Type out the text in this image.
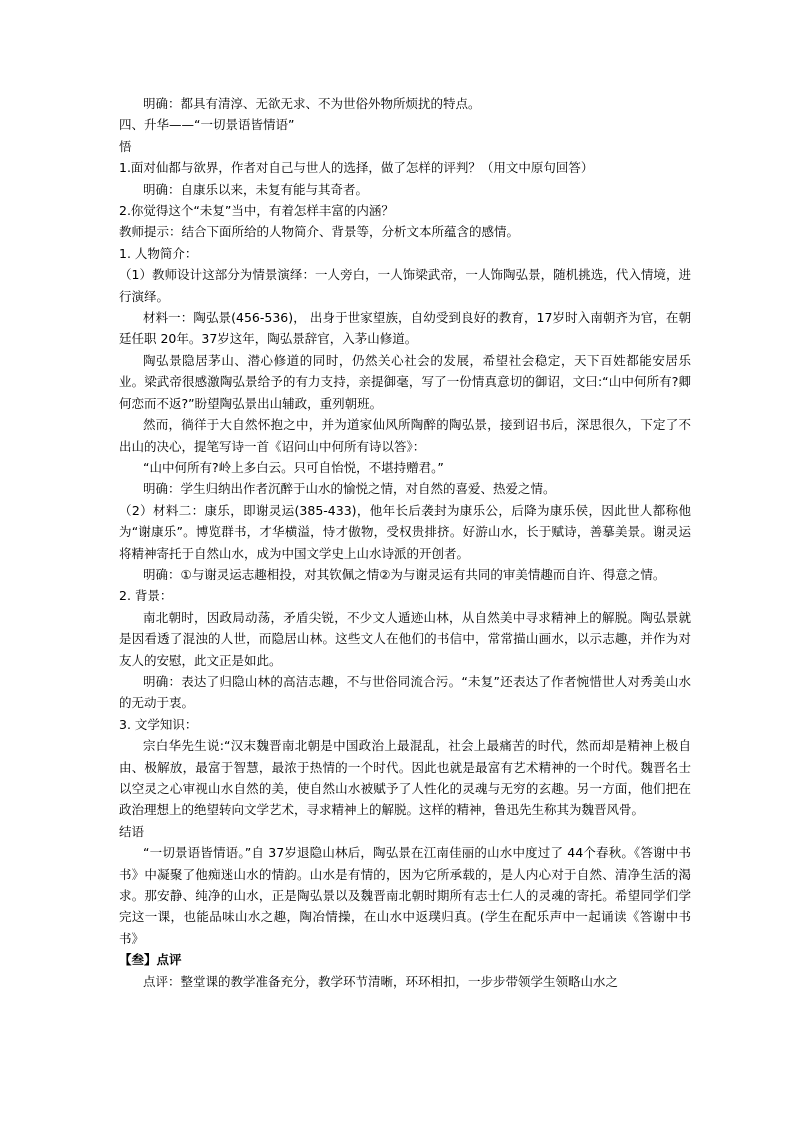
明确：都具有清淳、无欲无求、不为世俗外物所烦扰的特点。

四、升华——“一切景语皆情语”

悟

1.面对仙都与欲界，作者对自己与世人的选择，做了怎样的评判？（用文中原句回答）

明确：自康乐以来，未复有能与其奇者。

2.你觉得这个“未复”当中，有着怎样丰富的内涵？

教师提示：结合下面所给的人物简介、背景等，分析文本所蕴含的感情。

1. 人物简介：

（1）教师设计这部分为情景演绎：一人旁白，一人饰梁武帝，一人饰陶弘景，随机挑选，代入情境，进行演绎。

材料一：陶弘景(456-536)， 出身于世家望族，自幼受到良好的教育，17岁时入南朝齐为官，在朝廷任职 20年。37岁这年，陶弘景辞官，入茅山修道。

陶弘景隐居茅山、潜心修道的同时，仍然关心社会的发展，希望社会稳定，天下百姓都能安居乐业。梁武帝很感激陶弘景给予的有力支持，亲提御毫，写了一份情真意切的御诏，文曰:“山中何所有?卿何恋而不返?”盼望陶弘景出山辅政，重列朝班。

然而，徜徉于大自然怀抱之中，并为道家仙风所陶醉的陶弘景，接到诏书后，深思很久，下定了不出山的决心，提笔写诗一首《诏问山中何所有诗以答》：

“山中何所有?岭上多白云。只可自怡悦，不堪持赠君。”

明确：学生归纳出作者沉醉于山水的愉悦之情，对自然的喜爱、热爱之情。

（2）材料二：康乐，即谢灵运(385-433)，他年长后袭封为康乐公，后降为康乐侯，因此世人都称他为“谢康乐”。博览群书，才华横溢，恃才傲物，受权贵排挤。好游山水，长于赋诗，善摹美景。谢灵运将精神寄托于自然山水，成为中国文学史上山水诗派的开创者。

明确：①与谢灵运志趣相投，对其钦佩之情②为与谢灵运有共同的审美情趣而自许、得意之情。

2. 背景：

南北朝时，因政局动荡，矛盾尖锐，不少文人遁迹山林，从自然美中寻求精神上的解脱。陶弘景就是因看透了混浊的人世，而隐居山林。这些文人在他们的书信中，常常描山画水，以示志趣，并作为对友人的安慰，此文正是如此。

明确：表达了归隐山林的高洁志趣，不与世俗同流合污。“未复”还表达了作者惋惜世人对秀美山水的无动于衷。

3. 文学知识：

宗白华先生说:“汉末魏晋南北朝是中国政治上最混乱，社会上最痛苦的时代，然而却是精神上极自由、极解放，最富于智慧，最浓于热情的一个时代。因此也就是最富有艺术精神的一个时代。魏晋名士以空灵之心审视山水自然的美，使自然山水被赋予了人性化的灵魂与无穷的玄趣。另一方面，他们把在政治理想上的绝望转向文学艺术，寻求精神上的解脱。这样的精神，鲁迅先生称其为魏晋风骨。

结语

“一切景语皆情语。”自 37岁退隐山林后，陶弘景在江南佳丽的山水中度过了 44个春秋。《答谢中书书》中凝聚了他痴迷山水的情韵。山水是有情的，因为它所承载的，是人内心对于自然、清净生活的渴求。那安静、纯净的山水，正是陶弘景以及魏晋南北朝时期所有志士仁人的灵魂的寄托。希望同学们学完这一课，也能品味山水之趣，陶冶情操，在山水中返璞归真。(学生在配乐声中一起诵读《答谢中书书》

【叁】点评

点评：整堂课的教学准备充分，教学环节清晰，环环相扣，一步步带领学生领略山水之
